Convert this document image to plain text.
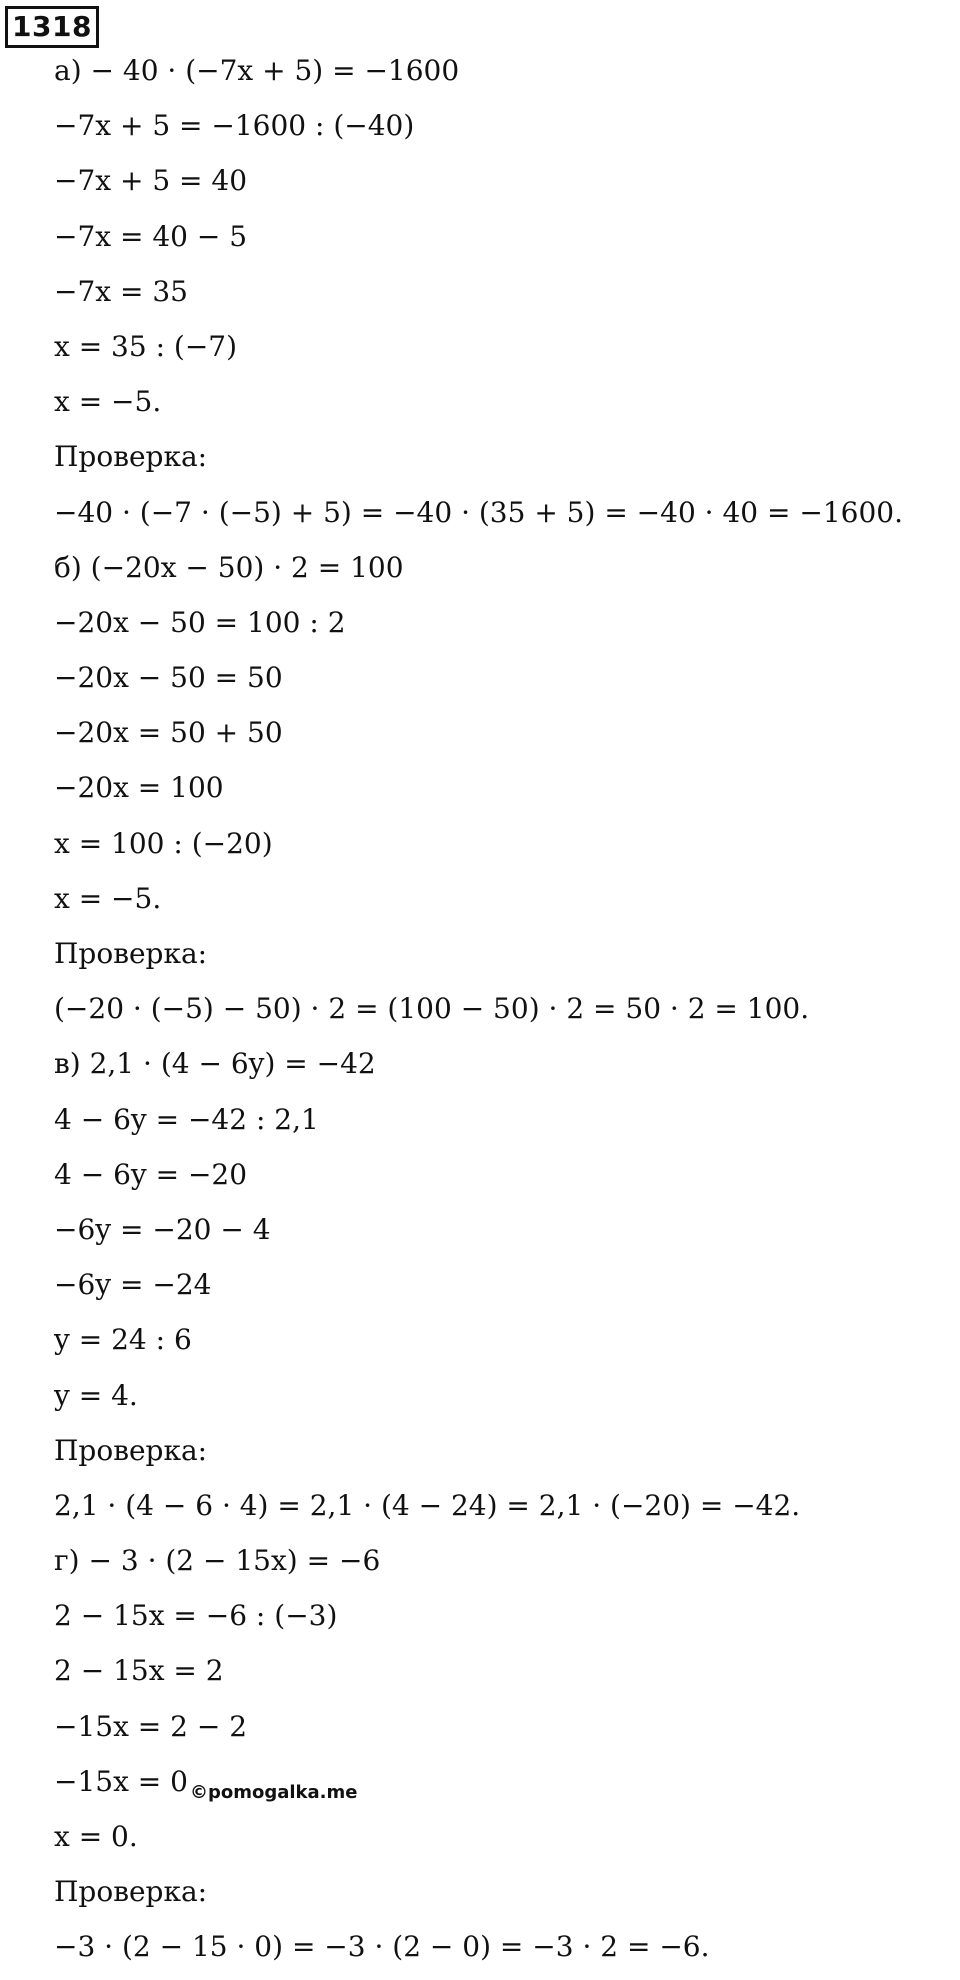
1318
а) − 40 · (−7x + 5) = −1600
−7x + 5 = −1600 : (−40)
−7x + 5 = 40
−7x = 40 − 5
−7x = 35
x = 35 : (−7)
x = −5.
Проверка:
−40 · (−7 · (−5) + 5) = −40 · (35 + 5) = −40 · 40 = −1600.
б) (−20x − 50) · 2 = 100
−20x − 50 = 100 : 2
−20x − 50 = 50
−20x = 50 + 50
−20x = 100
x = 100 : (−20)
x = −5.
Проверка:
(−20 · (−5) − 50) · 2 = (100 − 50) · 2 = 50 · 2 = 100.
в) 2,1 · (4 − 6y) = −42
4 − 6y = −42 : 2,1
4 − 6y = −20
−6y = −20 − 4
−6y = −24
y = 24 : 6
y = 4.
Проверка:
2,1 · (4 − 6 · 4) = 2,1 · (4 − 24) = 2,1 · (−20) = −42.
г) − 3 · (2 − 15x) = −6
2 − 15x = −6 : (−3)
2 − 15x = 2
−15x = 2 − 2
−15x = 0 $_{©pomogalka.me}$
x = 0.
Проверка:
−3 · (2 − 15 · 0) = −3 · (2 − 0) = −3 · 2 = −6.
